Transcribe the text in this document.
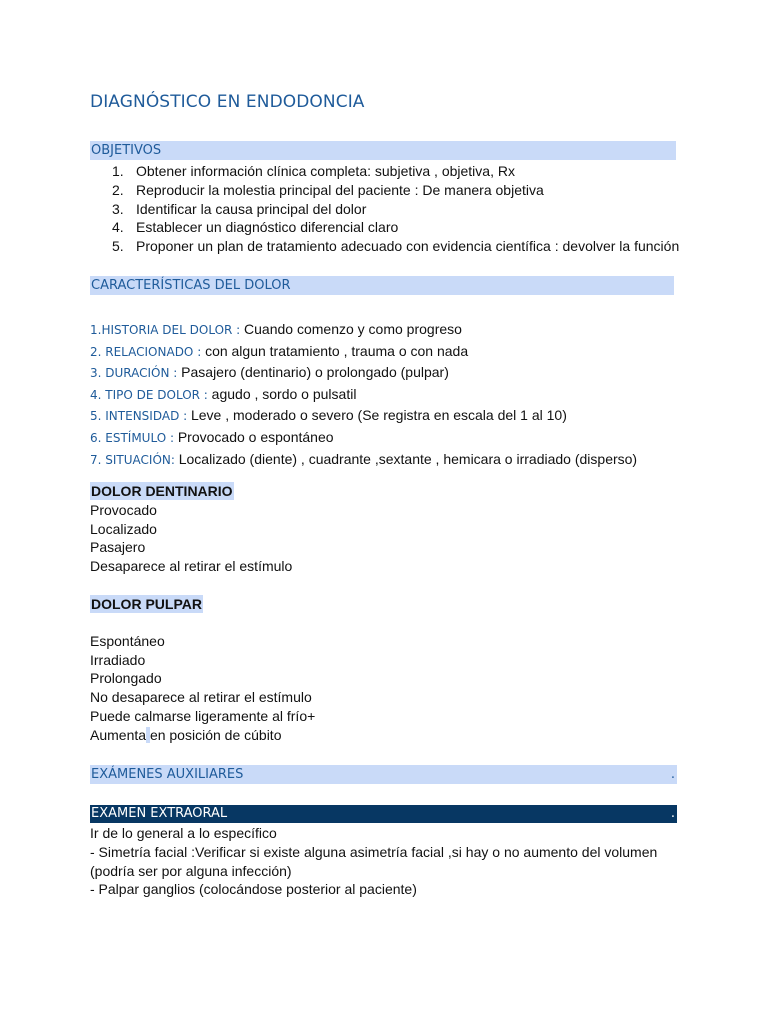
DIAGNÓSTICO EN ENDODONCIA
OBJETIVOS
1. Obtener información clínica completa: subjetiva , objetiva, Rx
2. Reproducir la molestia principal del paciente : De manera objetiva
3. Identificar la causa principal del dolor
4. Establecer un diagnóstico diferencial claro
5. Proponer un plan de tratamiento adecuado con evidencia científica : devolver la función
CARACTERÍSTICAS DEL DOLOR
1.HISTORIA DEL DOLOR : Cuando comenzo y como progreso
2. RELACIONADO : con algun tratamiento , trauma o con nada
3. DURACIÓN : Pasajero (dentinario) o prolongado (pulpar)
4. TIPO DE DOLOR : agudo , sordo o pulsatil
5. INTENSIDAD : Leve , moderado o severo (Se registra en escala del 1 al 10)
6. ESTÍMULO : Provocado o espontáneo
7. SITUACIÓN: Localizado (diente) , cuadrante ,sextante , hemicara o irradiado (disperso)
DOLOR DENTINARIO
Provocado
Localizado
Pasajero
Desaparece al retirar el estímulo
DOLOR PULPAR
Espontáneo
Irradiado
Prolongado
No desaparece al retirar el estímulo
Puede calmarse ligeramente al frío+
Aumenta en posición de cúbito
EXÁMENES AUXILIARES	.
EXAMEN EXTRAORAL	.

Ir de lo general a lo específico

- Simetría facial :Verificar si existe alguna asimetría facial ,si hay o no aumento del volumen (podría ser por alguna infección)

- Palpar ganglios (colocándose posterior al paciente)
